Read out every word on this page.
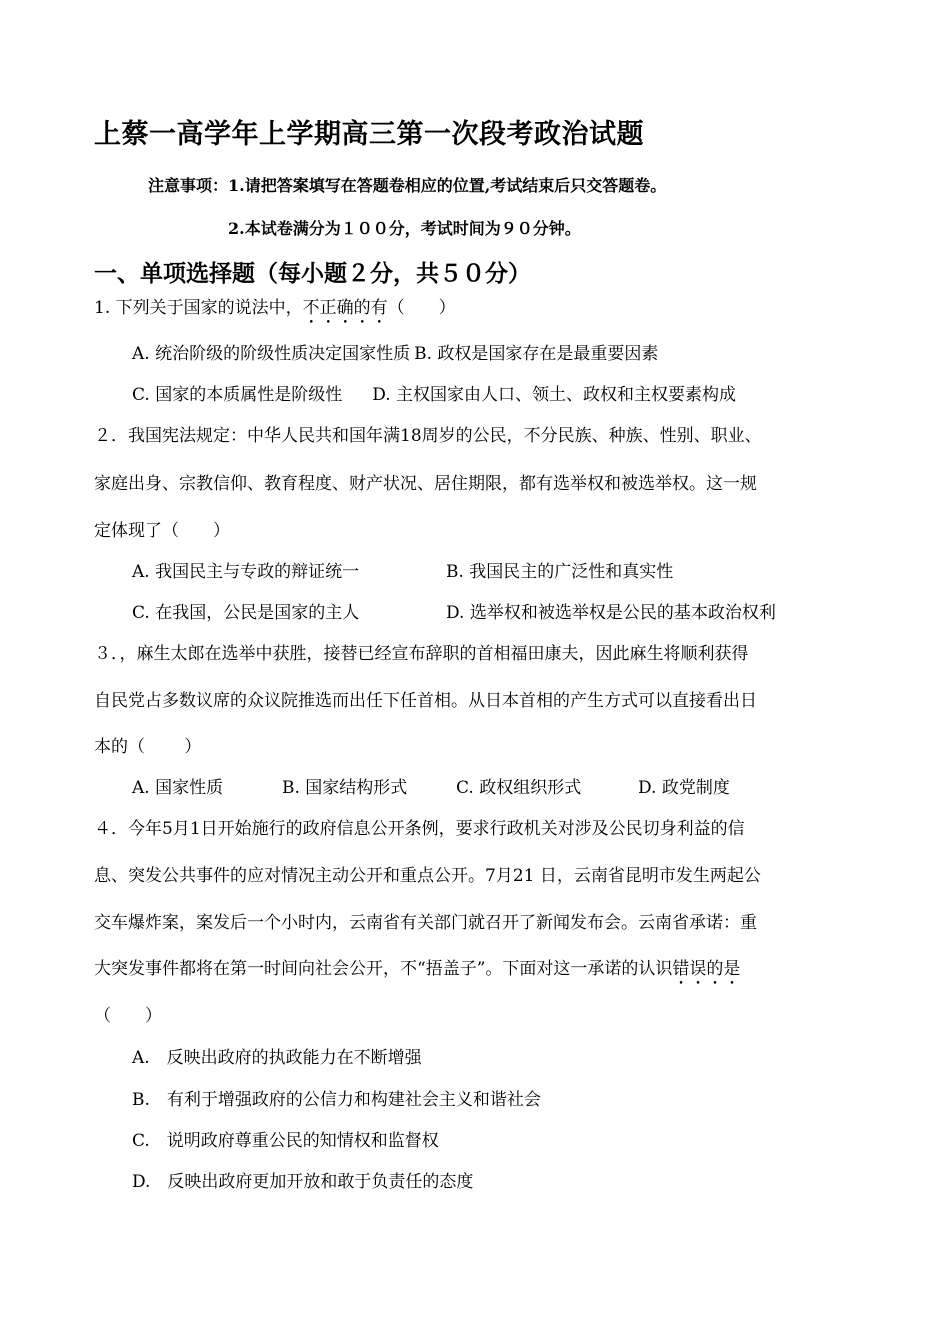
上蔡一高学年上学期高三第一次段考政治试题
注意事项：1.请把答案填写在答题卷相应的位置,考试结束后只交答题卷。
2.本试卷满分为１００分，考试时间为９０分钟。
一、单项选择题（每小题２分，共５０分）
1. 下列关于国家的说法中，不正确的有（　　）
A. 统治阶级的阶级性质决定国家性质 B. 政权是国家存在是最重要因素
C. 国家的本质属性是阶级性 D. 主权国家由人口、领土、政权和主权要素构成
２．我国宪法规定：中华人民共和国年满18周岁的公民，不分民族、种族、性别、职业、
家庭出身、宗教信仰、教育程度、财产状况、居住期限，都有选举权和被选举权。这一规
定体现了（　　）
A. 我国民主与专政的辩证统一	B. 我国民主的广泛性和真实性
C. 在我国，公民是国家的主人	D. 选举权和被选举权是公民的基本政治权利
３．，麻生太郎在选举中获胜，接替已经宣布辞职的首相福田康夫，因此麻生将顺利获得
自民党占多数议席的众议院推选而出任下任首相。从日本首相的产生方式可以直接看出日
本的（　　 ）
A. 国家性质	B. 国家结构形式	C. 政权组织形式	D. 政党制度
４．今年5月1日开始施行的政府信息公开条例，要求行政机关对涉及公民切身利益的信
息、突发公共事件的应对情况主动公开和重点公开。7月21 日，云南省昆明市发生两起公
交车爆炸案，案发后一个小时内，云南省有关部门就召开了新闻发布会。云南省承诺：重
大突发事件都将在第一时间向社会公开，不“捂盖子”。下面对这一承诺的认识错误的是
（　　）
A.　反映出政府的执政能力在不断增强
B.　有利于增强政府的公信力和构建社会主义和谐社会
C.　说明政府尊重公民的知情权和监督权
D.　反映出政府更加开放和敢于负责任的态度
